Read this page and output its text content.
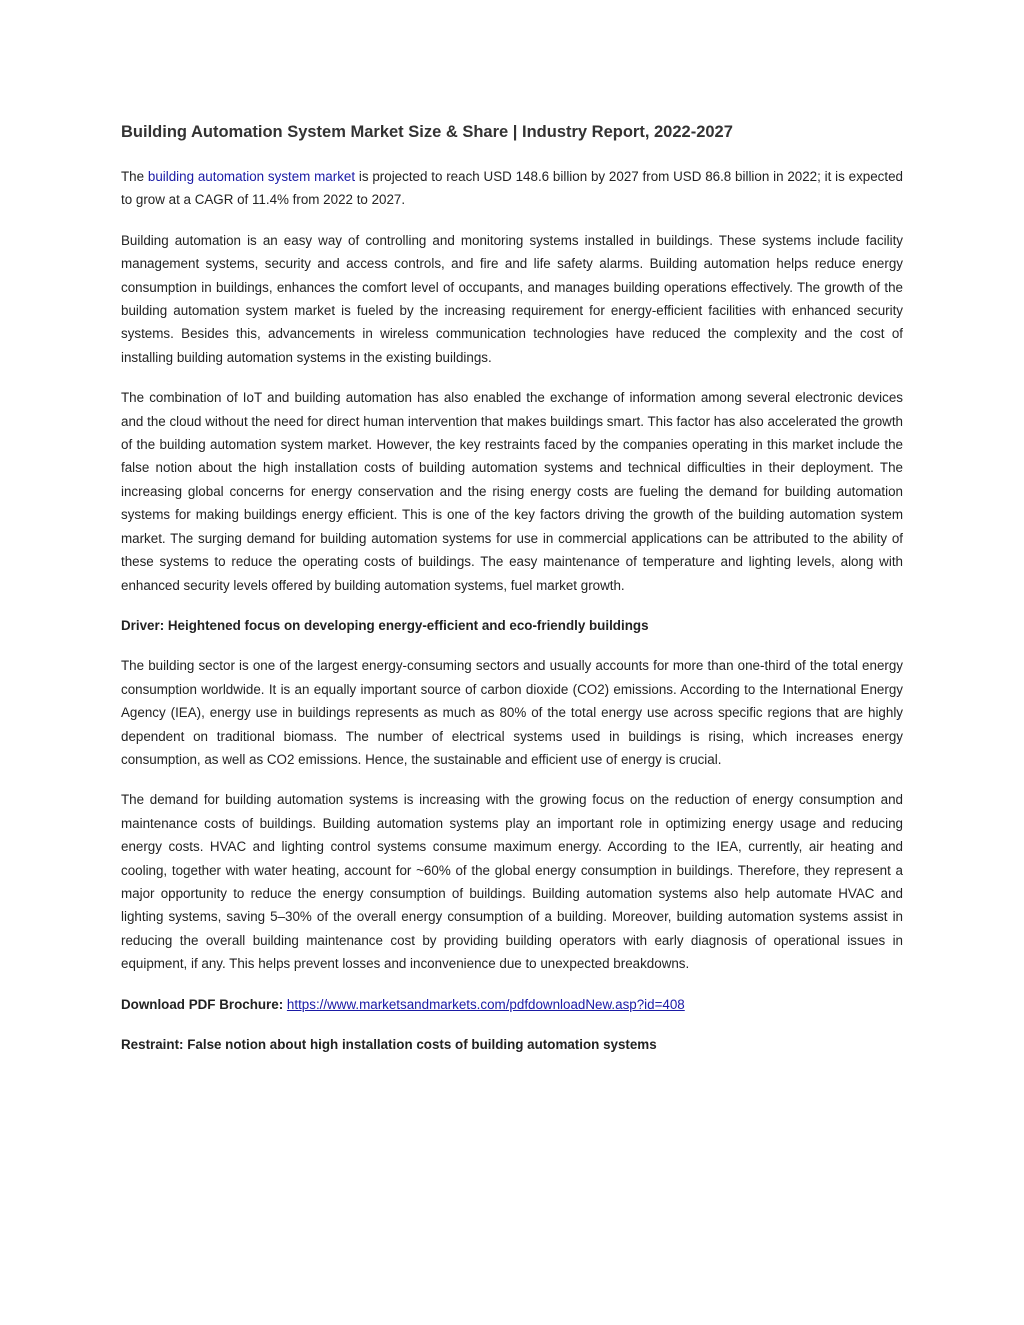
Building Automation System Market Size & Share | Industry Report, 2022-2027

The building automation system market is projected to reach USD 148.6 billion by 2027 from USD 86.8 billion in 2022; it is expected to grow at a CAGR of 11.4% from 2022 to 2027.

Building automation is an easy way of controlling and monitoring systems installed in buildings. These systems include facility management systems, security and access controls, and fire and life safety alarms. Building automation helps reduce energy consumption in buildings, enhances the comfort level of occupants, and manages building operations effectively. The growth of the building automation system market is fueled by the increasing requirement for energy-efficient facilities with enhanced security systems. Besides this, advancements in wireless communication technologies have reduced the complexity and the cost of installing building automation systems in the existing buildings.

The combination of IoT and building automation has also enabled the exchange of information among several electronic devices and the cloud without the need for direct human intervention that makes buildings smart. This factor has also accelerated the growth of the building automation system market. However, the key restraints faced by the companies operating in this market include the false notion about the high installation costs of building automation systems and technical difficulties in their deployment. The increasing global concerns for energy conservation and the rising energy costs are fueling the demand for building automation systems for making buildings energy efficient. This is one of the key factors driving the growth of the building automation system market. The surging demand for building automation systems for use in commercial applications can be attributed to the ability of these systems to reduce the operating costs of buildings. The easy maintenance of temperature and lighting levels, along with enhanced security levels offered by building automation systems, fuel market growth.

Driver: Heightened focus on developing energy-efficient and eco-friendly buildings

The building sector is one of the largest energy-consuming sectors and usually accounts for more than one-third of the total energy consumption worldwide. It is an equally important source of carbon dioxide (CO2) emissions. According to the International Energy Agency (IEA), energy use in buildings represents as much as 80% of the total energy use across specific regions that are highly dependent on traditional biomass. The number of electrical systems used in buildings is rising, which increases energy consumption, as well as CO2 emissions. Hence, the sustainable and efficient use of energy is crucial.

The demand for building automation systems is increasing with the growing focus on the reduction of energy consumption and maintenance costs of buildings. Building automation systems play an important role in optimizing energy usage and reducing energy costs. HVAC and lighting control systems consume maximum energy. According to the IEA, currently, air heating and cooling, together with water heating, account for ~60% of the global energy consumption in buildings. Therefore, they represent a major opportunity to reduce the energy consumption of buildings. Building automation systems also help automate HVAC and lighting systems, saving 5–30% of the overall energy consumption of a building. Moreover, building automation systems assist in reducing the overall building maintenance cost by providing building operators with early diagnosis of operational issues in equipment, if any. This helps prevent losses and inconvenience due to unexpected breakdowns.

Download PDF Brochure: https://www.marketsandmarkets.com/pdfdownloadNew.asp?id=408

Restraint: False notion about high installation costs of building automation systems
